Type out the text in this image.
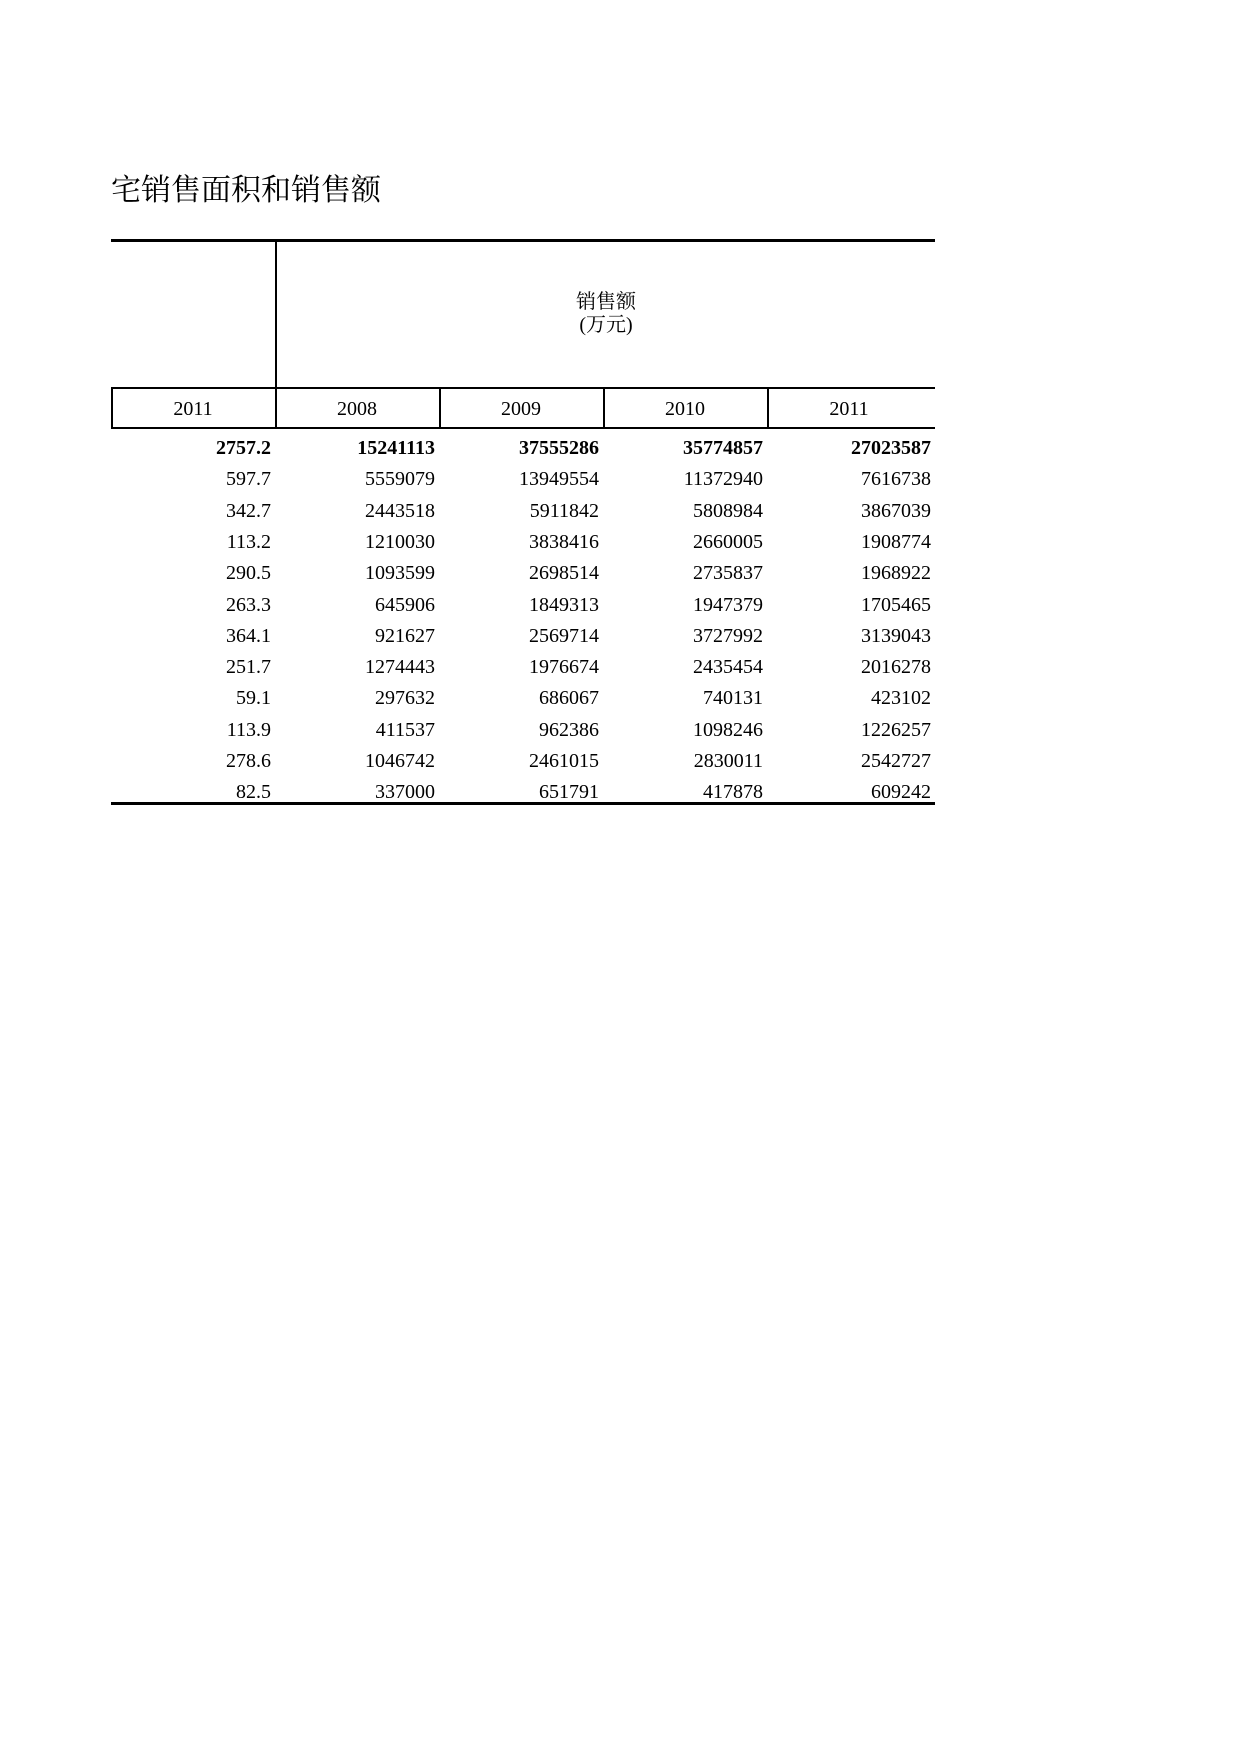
宅销售面积和销售额
销售额
(万元)
2011	2008	2009	2010	2011
2757.2	15241113	37555286	35774857	27023587
597.7	5559079	13949554	11372940	7616738
342.7	2443518	5911842	5808984	3867039
113.2	1210030	3838416	2660005	1908774
290.5	1093599	2698514	2735837	1968922
263.3	645906	1849313	1947379	1705465
364.1	921627	2569714	3727992	3139043
251.7	1274443	1976674	2435454	2016278
59.1	297632	686067	740131	423102
113.9	411537	962386	1098246	1226257
278.6	1046742	2461015	2830011	2542727
82.5	337000	651791	417878	609242
